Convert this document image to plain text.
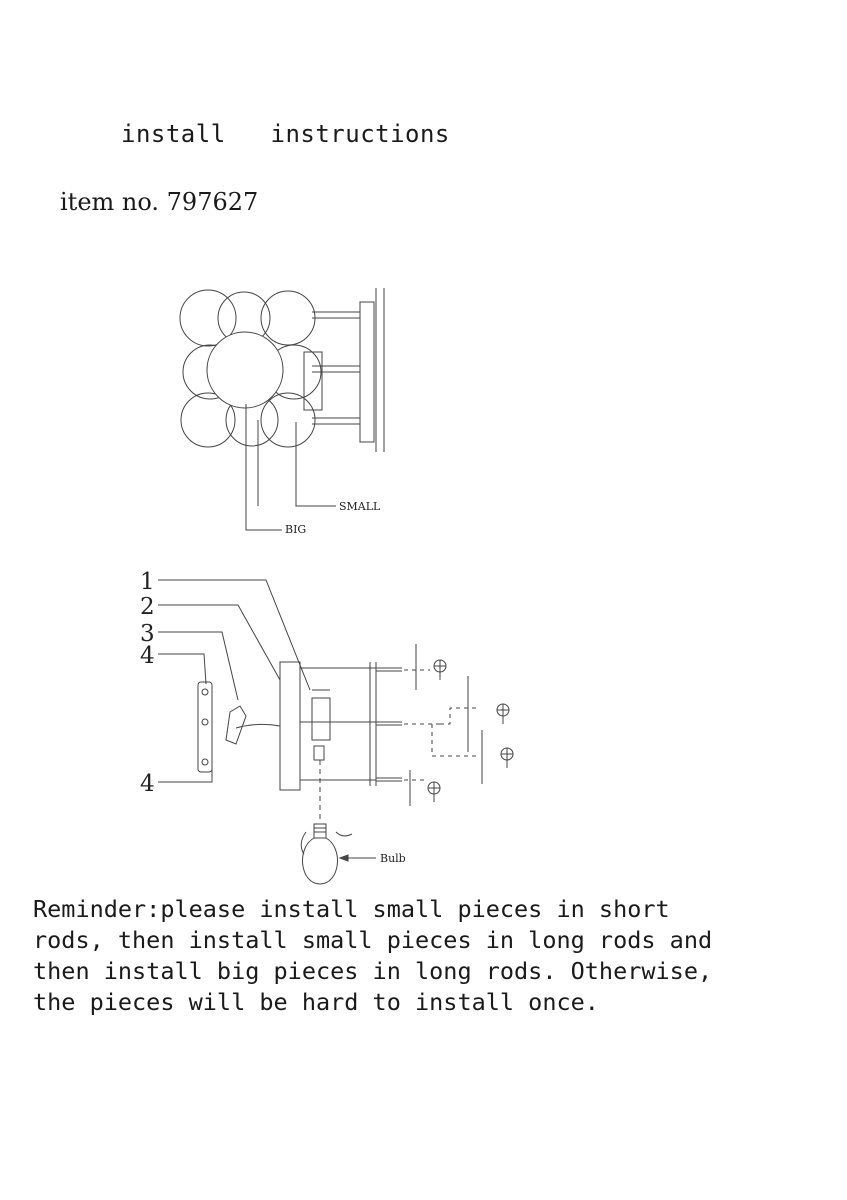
install   instructions
item no. 797627
SMALL
BIG
1
2
3
4
4
Bulb
Reminder:please install small pieces in short
rods, then install small pieces in long rods and
then install big pieces in long rods. Otherwise,
the pieces will be hard to install once.
